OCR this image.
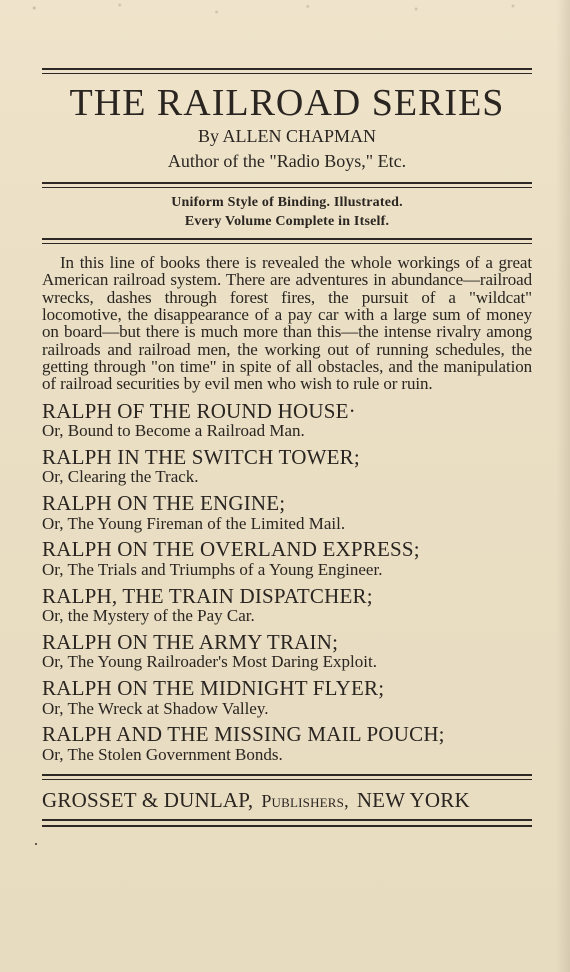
THE RAILROAD SERIES
By ALLEN CHAPMAN
Author of the "Radio Boys," Etc.
Uniform Style of Binding. Illustrated.
Every Volume Complete in Itself.
In this line of books there is revealed the whole workings of a great American railroad system. There are adventures in abundance—railroad wrecks, dashes through forest fires, the pursuit of a "wildcat" locomotive, the disappearance of a pay car with a large sum of money on board—but there is much more than this—the intense rivalry among railroads and railroad men, the working out of running schedules, the getting through "on time" in spite of all obstacles, and the manipulation of railroad securities by evil men who wish to rule or ruin.
RALPH OF THE ROUND HOUSE·
Or, Bound to Become a Railroad Man.
RALPH IN THE SWITCH TOWER;
Or, Clearing the Track.
RALPH ON THE ENGINE;
Or, The Young Fireman of the Limited Mail.
RALPH ON THE OVERLAND EXPRESS;
Or, The Trials and Triumphs of a Young Engineer.
RALPH, THE TRAIN DISPATCHER;
Or, the Mystery of the Pay Car.
RALPH ON THE ARMY TRAIN;
Or, The Young Railroader's Most Daring Exploit.
RALPH ON THE MIDNIGHT FLYER;
Or, The Wreck at Shadow Valley.
RALPH AND THE MISSING MAIL POUCH;
Or, The Stolen Government Bonds.
GROSSET & DUNLAP, Publishers, NEW YORK
